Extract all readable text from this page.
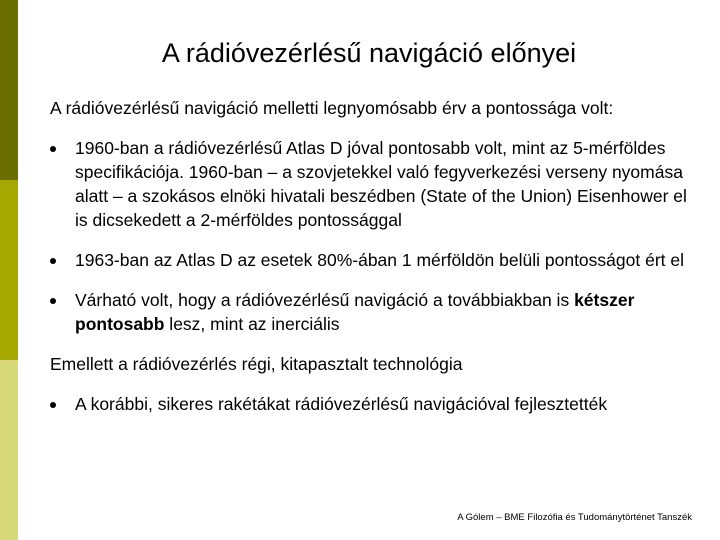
A rádióvezérlésű navigáció előnyei

A rádióvezérlésű navigáció melletti legnyomósabb érv a pontossága volt:

1960-ban a rádióvezérlésű Atlas D jóval pontosabb volt, mint az 5-mérföldes specifikációja. 1960-ban – a szovjetekkel való fegyverkezési verseny nyomása alatt – a szokásos elnöki hivatali beszédben (State of the Union) Eisenhower el is dicsekedett a 2-mérföldes pontossággal
1963-ban az Atlas D az esetek 80%-ában 1 mérföldön belüli pontosságot ért el
Várható volt, hogy a rádióvezérlésű navigáció a továbbiakban is kétszer pontosabb lesz, mint az inerciális

Emellett a rádióvezérlés régi, kitapasztalt technológia

A korábbi, sikeres rakétákat rádióvezérlésű navigációval fejlesztették
A Gólem – BME Filozófia és Tudománytörténet Tanszék
